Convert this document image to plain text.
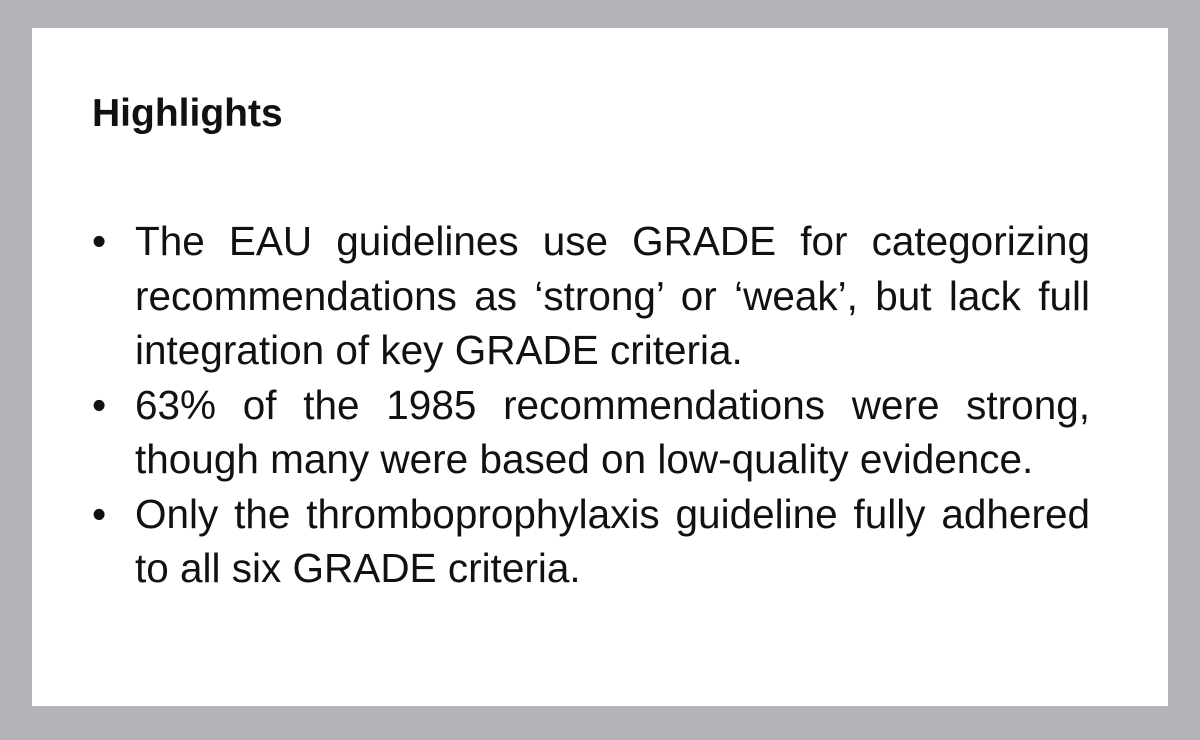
Highlights
• The EAU guidelines use GRADE for categorizing recommendations as ‘strong’ or ‘weak’, but lack full integration of key GRADE criteria.
• 63% of the 1985 recommendations were strong, though many were based on low-quality evidence.
• Only the thromboprophylaxis guideline fully adhered to all six GRADE criteria.
